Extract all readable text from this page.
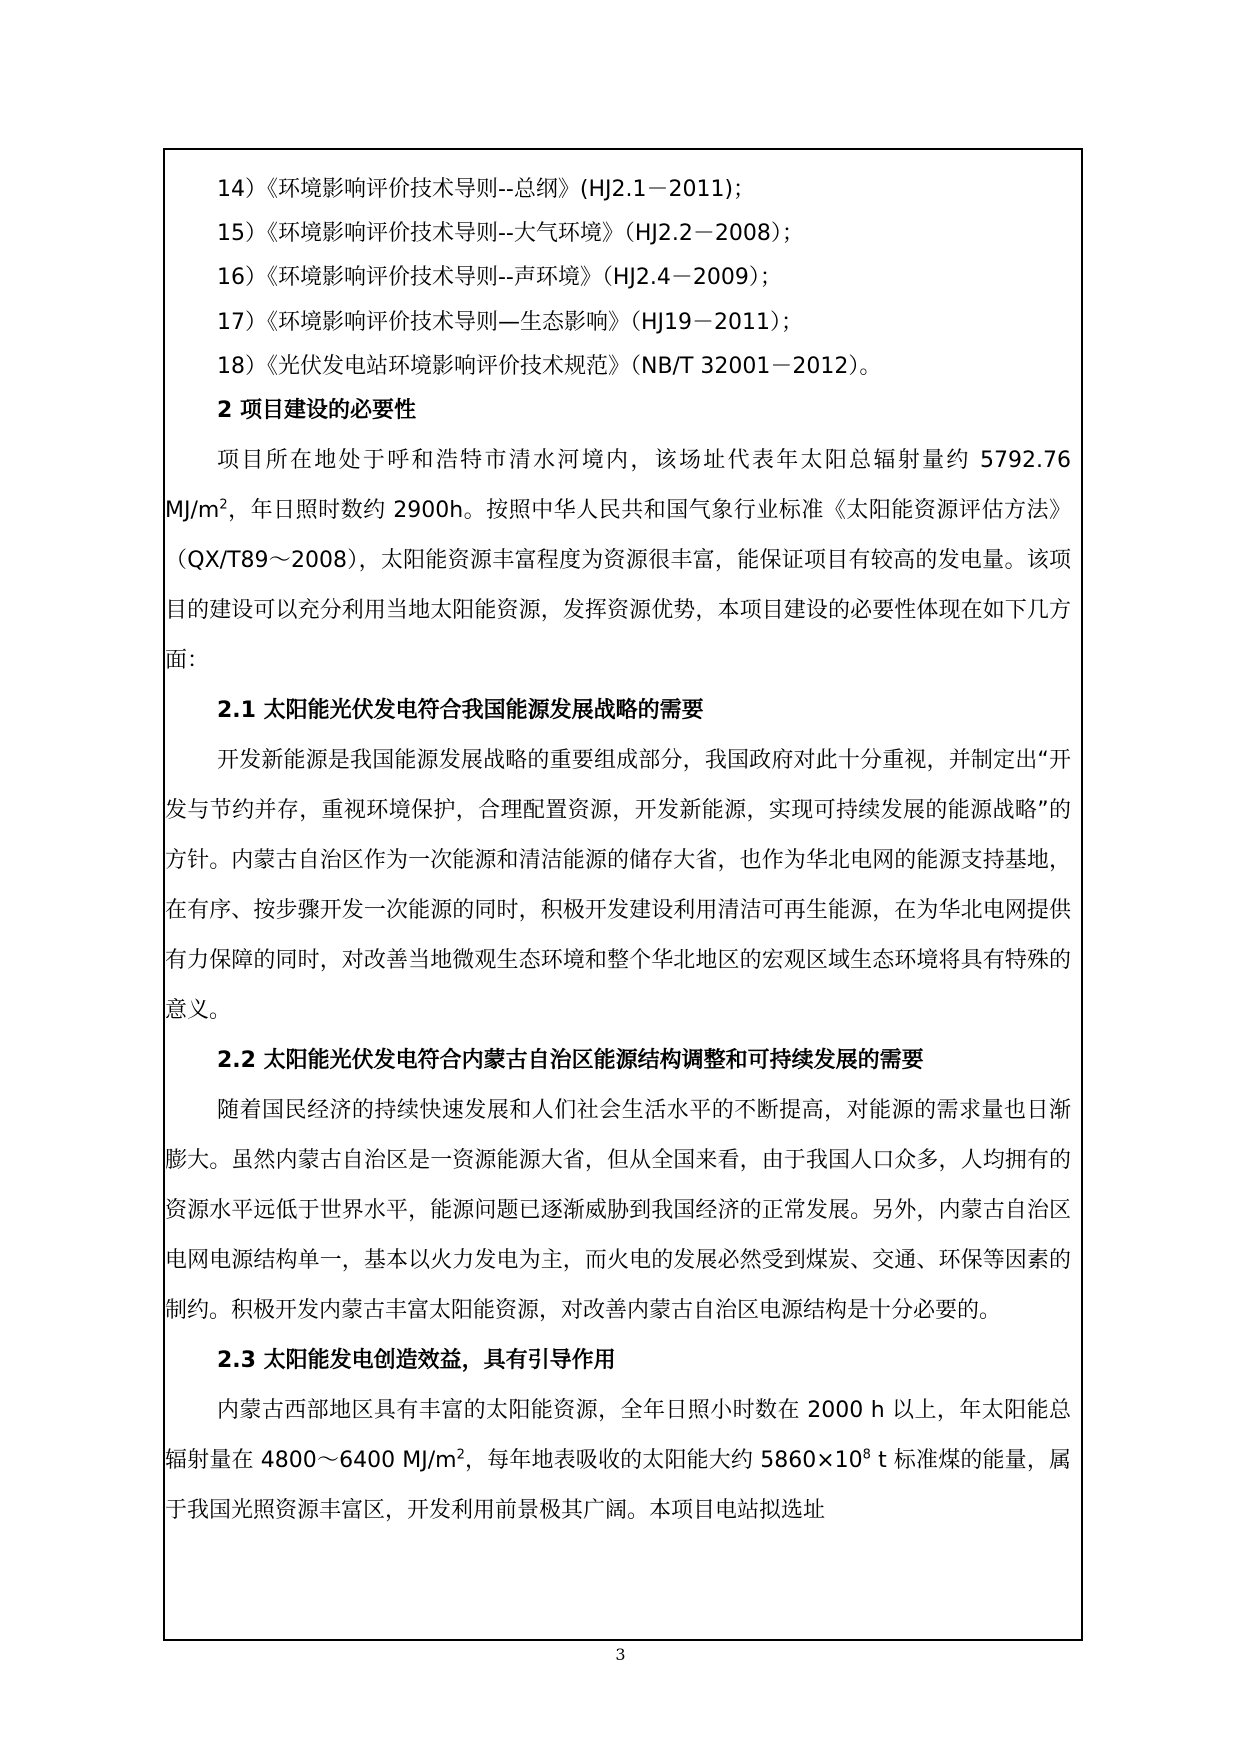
14）《环境影响评价技术导则--总纲》(HJ2.1－2011)；
15）《环境影响评价技术导则--大气环境》（HJ2.2－2008）；
16）《环境影响评价技术导则--声环境》（HJ2.4－2009）；
17）《环境影响评价技术导则—生态影响》（HJ19－2011）；
18）《光伏发电站环境影响评价技术规范》（NB/T 32001－2012）。

2 项目建设的必要性

项目所在地处于呼和浩特市清水河境内，该场址代表年太阳总辐射量约 5792.76 $MJ/m^2$，年日照时数约 2900h。按照中华人民共和国气象行业标准《太阳能资源评估方法》（QX/T89～2008），太阳能资源丰富程度为资源很丰富，能保证项目有较高的发电量。该项目的建设可以充分利用当地太阳能资源，发挥资源优势，本项目建设的必要性体现在如下几方面：

2.1 太阳能光伏发电符合我国能源发展战略的需要

开发新能源是我国能源发展战略的重要组成部分，我国政府对此十分重视，并制定出“开发与节约并存，重视环境保护，合理配置资源，开发新能源，实现可持续发展的能源战略”的方针。内蒙古自治区作为一次能源和清洁能源的储存大省，也作为华北电网的能源支持基地，在有序、按步骤开发一次能源的同时，积极开发建设利用清洁可再生能源，在为华北电网提供有力保障的同时，对改善当地微观生态环境和整个华北地区的宏观区域生态环境将具有特殊的意义。

2.2 太阳能光伏发电符合内蒙古自治区能源结构调整和可持续发展的需要

随着国民经济的持续快速发展和人们社会生活水平的不断提高，对能源的需求量也日渐膨大。虽然内蒙古自治区是一资源能源大省，但从全国来看，由于我国人口众多，人均拥有的资源水平远低于世界水平，能源问题已逐渐威胁到我国经济的正常发展。另外，内蒙古自治区电网电源结构单一，基本以火力发电为主，而火电的发展必然受到煤炭、交通、环保等因素的制约。积极开发内蒙古丰富太阳能资源，对改善内蒙古自治区电源结构是十分必要的。

2.3 太阳能发电创造效益，具有引导作用

内蒙古西部地区具有丰富的太阳能资源，全年日照小时数在 2000 h 以上，年太阳能总辐射量在 4800～6400 $MJ/m^2$，每年地表吸收的太阳能大约 $5860\times 10^8$ t 标准煤的能量，属于我国光照资源丰富区，开发利用前景极其广阔。本项目电站拟选址

3
